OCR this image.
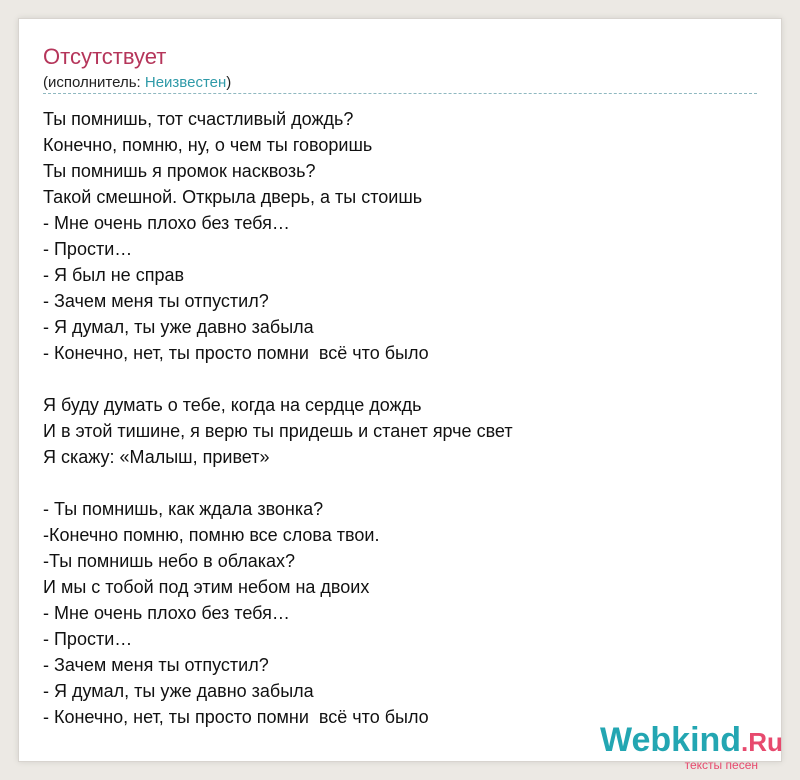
Отсутствует
(исполнитель: Неизвестен)
Ты помнишь, тот счастливый дождь?
Конечно, помню, ну, о чем ты говоришь
Ты помнишь я промок насквозь?
Такой смешной. Открыла дверь, а ты стоишь
- Мне очень плохо без тебя…
- Прости…
- Я был не справ
- Зачем меня ты отпустил?
- Я думал, ты уже давно забыла
- Конечно, нет, ты просто помни  всё что было
Я буду думать о тебе, когда на сердце дождь
И в этой тишине, я верю ты придешь и станет ярче свет
Я скажу: «Малыш, привет»
- Ты помнишь, как ждала звонка?
-Конечно помню, помню все слова твои.
-Ты помнишь небо в облаках?
И мы с тобой под этим небом на двоих
- Мне очень плохо без тебя…
- Прости…
- Зачем меня ты отпустил?
- Я думал, ты уже давно забыла
- Конечно, нет, ты просто помни  всё что было
Webkind.Ru
тексты песен
